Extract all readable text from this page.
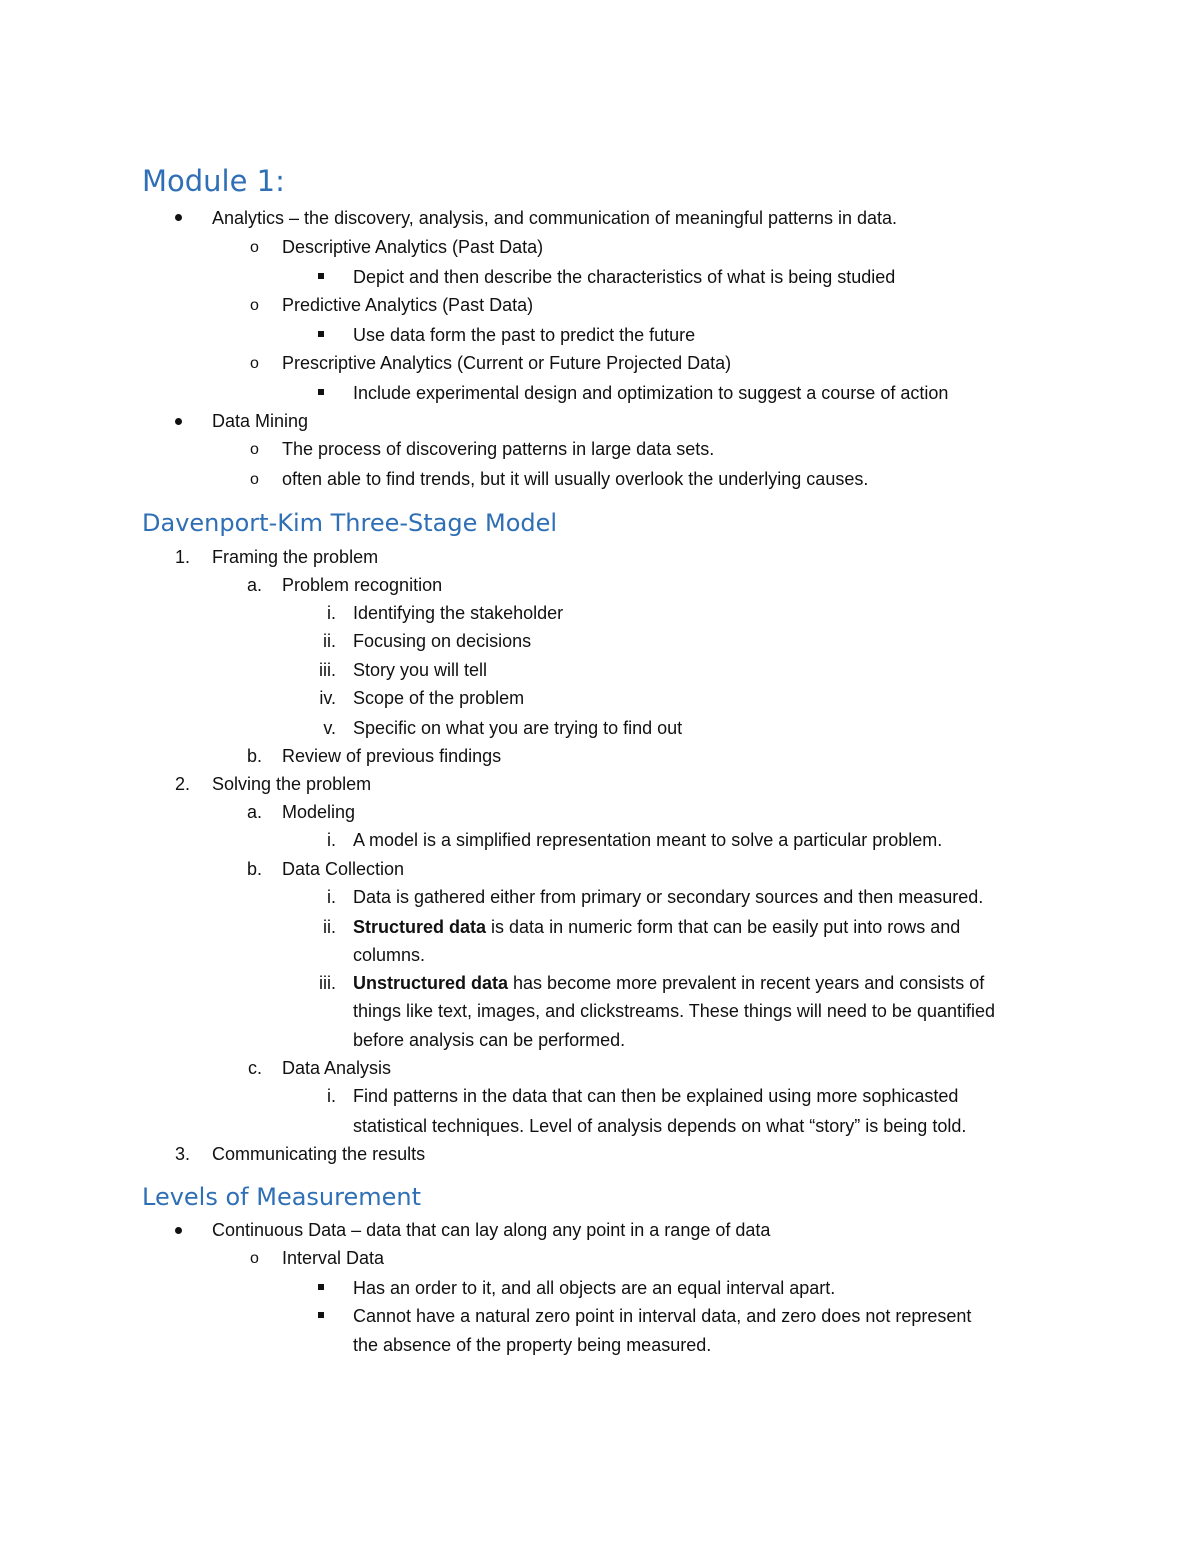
Module 1:
Analytics – the discovery, analysis, and communication of meaningful patterns in data.
o Descriptive Analytics (Past Data)
Depict and then describe the characteristics of what is being studied
o Predictive Analytics (Past Data)
Use data form the past to predict the future
o Prescriptive Analytics (Current or Future Projected Data)
Include experimental design and optimization to suggest a course of action
Data Mining
o The process of discovering patterns in large data sets.
o often able to find trends, but it will usually overlook the underlying causes.
Davenport-Kim Three-Stage Model
1. Framing the problem
a. Problem recognition
i. Identifying the stakeholder
ii. Focusing on decisions
iii. Story you will tell
iv. Scope of the problem
v. Specific on what you are trying to find out
b. Review of previous findings
2. Solving the problem
a. Modeling
i. A model is a simplified representation meant to solve a particular problem.
b. Data Collection
i. Data is gathered either from primary or secondary sources and then measured.
ii. Structured data is data in numeric form that can be easily put into rows and
columns.
iii. Unstructured data has become more prevalent in recent years and consists of
things like text, images, and clickstreams. These things will need to be quantified
before analysis can be performed.
c. Data Analysis
i. Find patterns in the data that can then be explained using more sophicasted
statistical techniques. Level of analysis depends on what “story” is being told.
3. Communicating the results
Levels of Measurement
Continuous Data – data that can lay along any point in a range of data
o Interval Data
Has an order to it, and all objects are an equal interval apart.
Cannot have a natural zero point in interval data, and zero does not represent
the absence of the property being measured.
